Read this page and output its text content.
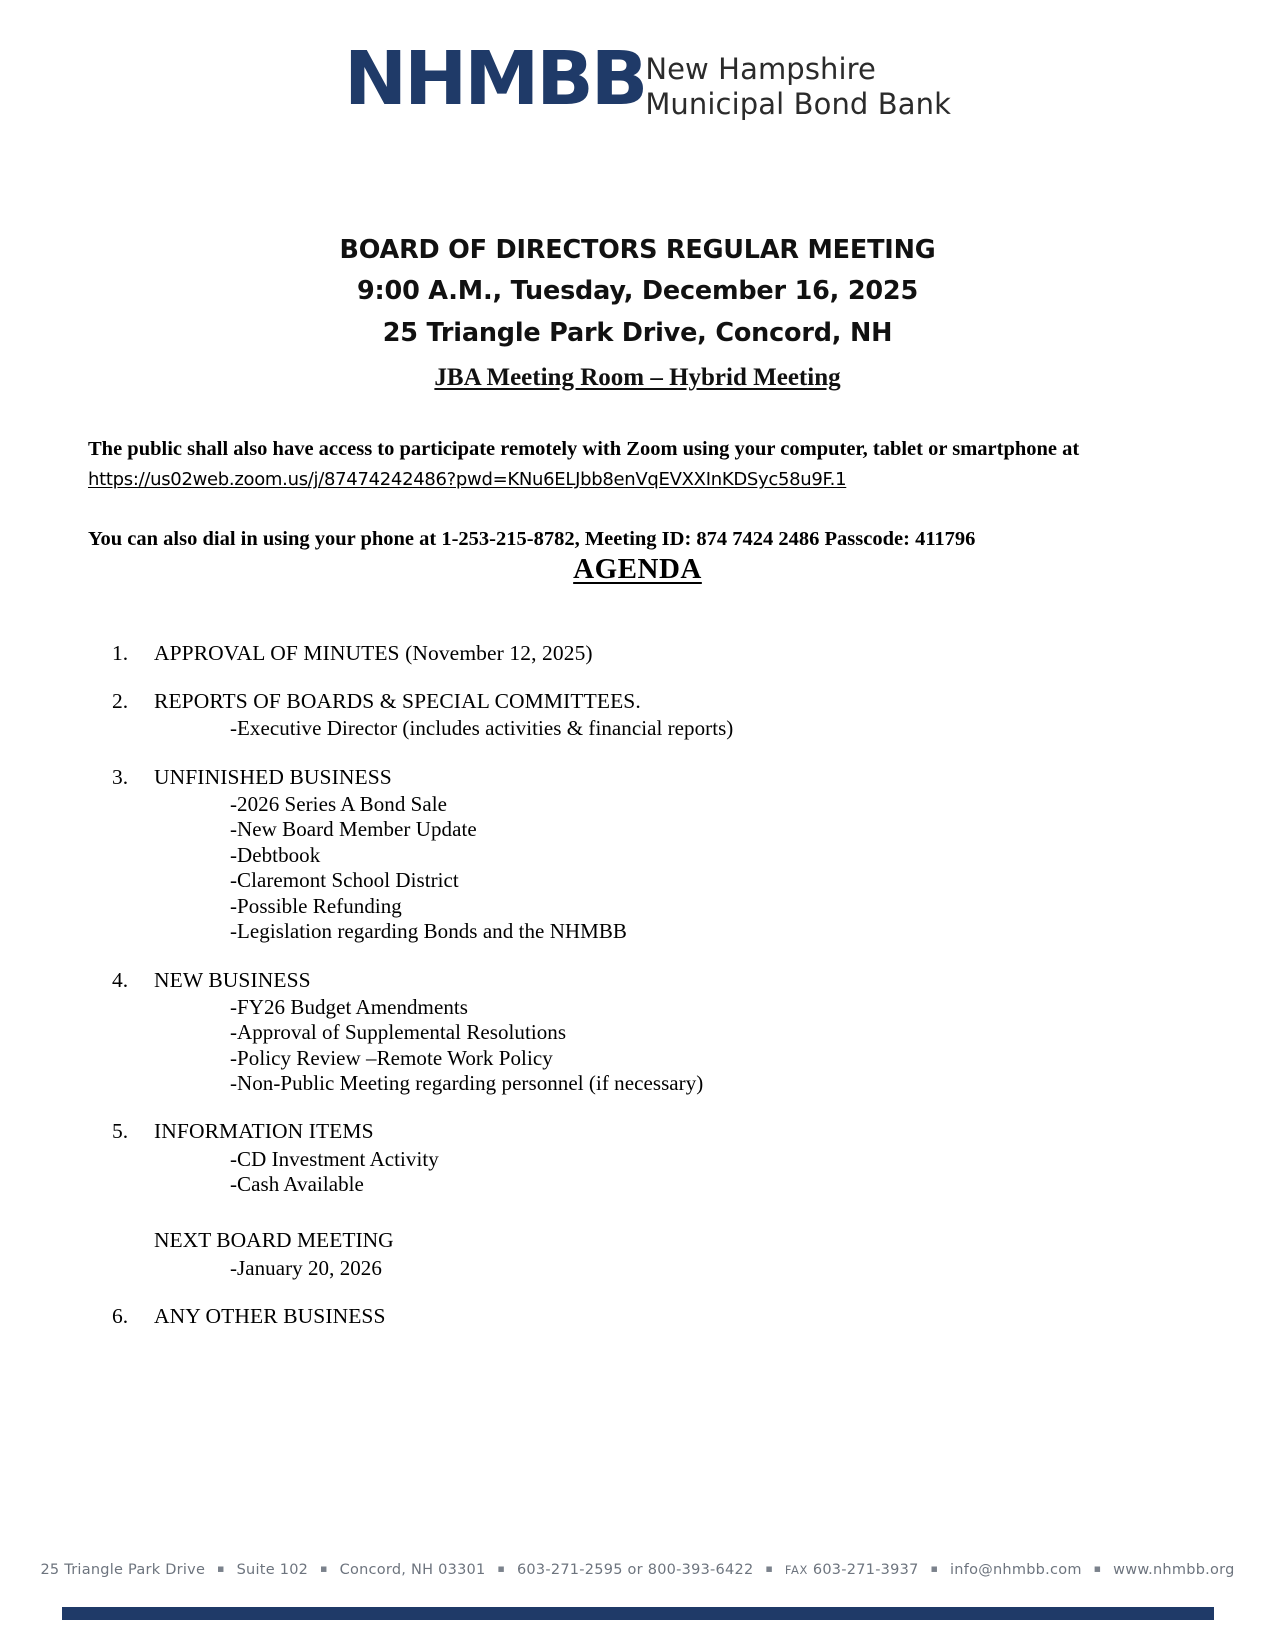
NHMBB New Hampshire
Municipal Bond Bank
BOARD OF DIRECTORS REGULAR MEETING
9:00 A.M., Tuesday, December 16, 2025
25 Triangle Park Drive, Concord, NH
JBA Meeting Room – Hybrid Meeting
The public shall also have access to participate remotely with Zoom using your computer, tablet or smartphone at https://us02web.zoom.us/j/87474242486?pwd=KNu6ELJbb8enVqEVXXInKDSyc58u9F.1
You can also dial in using your phone at 1-253-215-8782, Meeting ID: 874 7424 2486 Passcode: 411796
AGENDA
1.	APPROVAL OF MINUTES (November 12, 2025)
2.	REPORTS OF BOARDS & SPECIAL COMMITTEES.
-Executive Director (includes activities & financial reports)
3.	UNFINISHED BUSINESS
-2026 Series A Bond Sale
-New Board Member Update
-Debtbook
-Claremont School District
-Possible Refunding
-Legislation regarding Bonds and the NHMBB
4.	NEW BUSINESS
-FY26 Budget Amendments
-Approval of Supplemental Resolutions
-Policy Review –Remote Work Policy
-Non-Public Meeting regarding personnel (if necessary)
5.	INFORMATION ITEMS
-CD Investment Activity
-Cash Available
NEXT BOARD MEETING
-January 20, 2026
6.	ANY OTHER BUSINESS
25 Triangle Park Drive ▪ Suite 102 ▪ Concord, NH 03301 ▪ 603-271-2595 or 800-393-6422 ▪ FAX 603-271-3937 ▪ info@nhmbb.com ▪ www.nhmbb.org
